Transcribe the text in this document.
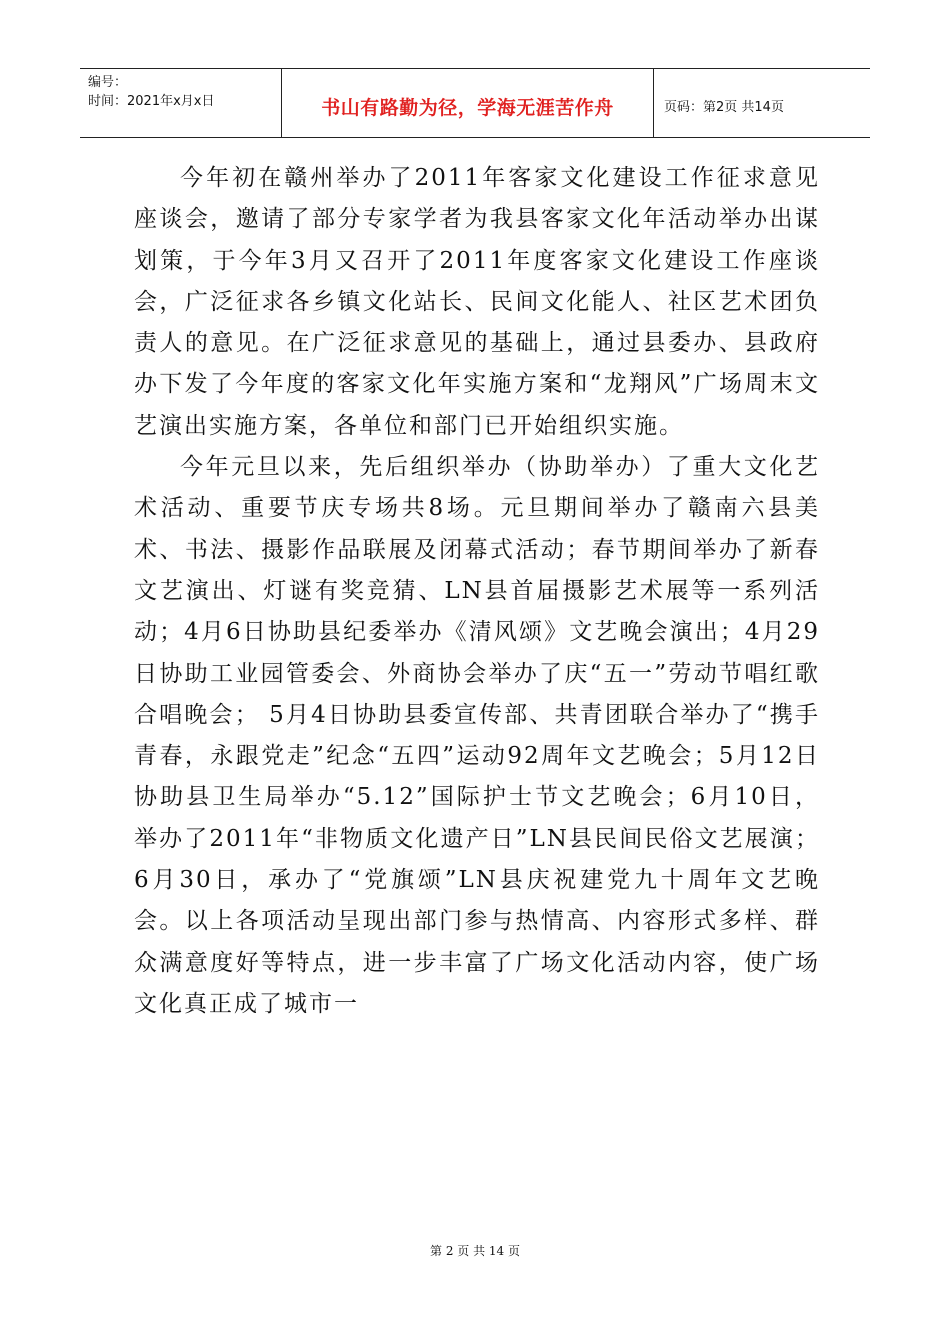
编号：
时间：2021年x月x日	书山有路勤为径，学海无涯苦作舟	页码：第2页 共14页

今年初在赣州举办了2011年客家文化建设工作征求意见座谈会，邀请了部分专家学者为我县客家文化年活动举办出谋划策，于今年3月又召开了2011年度客家文化建设工作座谈会，广泛征求各乡镇文化站长、民间文化能人、社区艺术团负责人的意见。在广泛征求意见的基础上，通过县委办、县政府办下发了今年度的客家文化年实施方案和“龙翔风”广场周末文艺演出实施方案，各单位和部门已开始组织实施。

今年元旦以来，先后组织举办（协助举办）了重大文化艺术活动、重要节庆专场共8场。元旦期间举办了赣南六县美术、书法、摄影作品联展及闭幕式活动；春节期间举办了新春文艺演出、灯谜有奖竞猜、LN县首届摄影艺术展等一系列活动；4月6日协助县纪委举办《清风颂》文艺晚会演出；4月29日协助工业园管委会、外商协会举办了庆“五一”劳动节唱红歌合唱晚会； 5月4日协助县委宣传部、共青团联合举办了“携手青春，永跟党走”纪念“五四”运动92周年文艺晚会；5月12日协助县卫生局举办“5.12”国际护士节文艺晚会；6月10日，举办了2011年“非物质文化遗产日”LN县民间民俗文艺展演；6月30日，承办了“党旗颂”LN县庆祝建党九十周年文艺晚会。以上各项活动呈现出部门参与热情高、内容形式多样、群众满意度好等特点，进一步丰富了广场文化活动内容，使广场文化真正成了城市一

第 2 页 共 14 页
